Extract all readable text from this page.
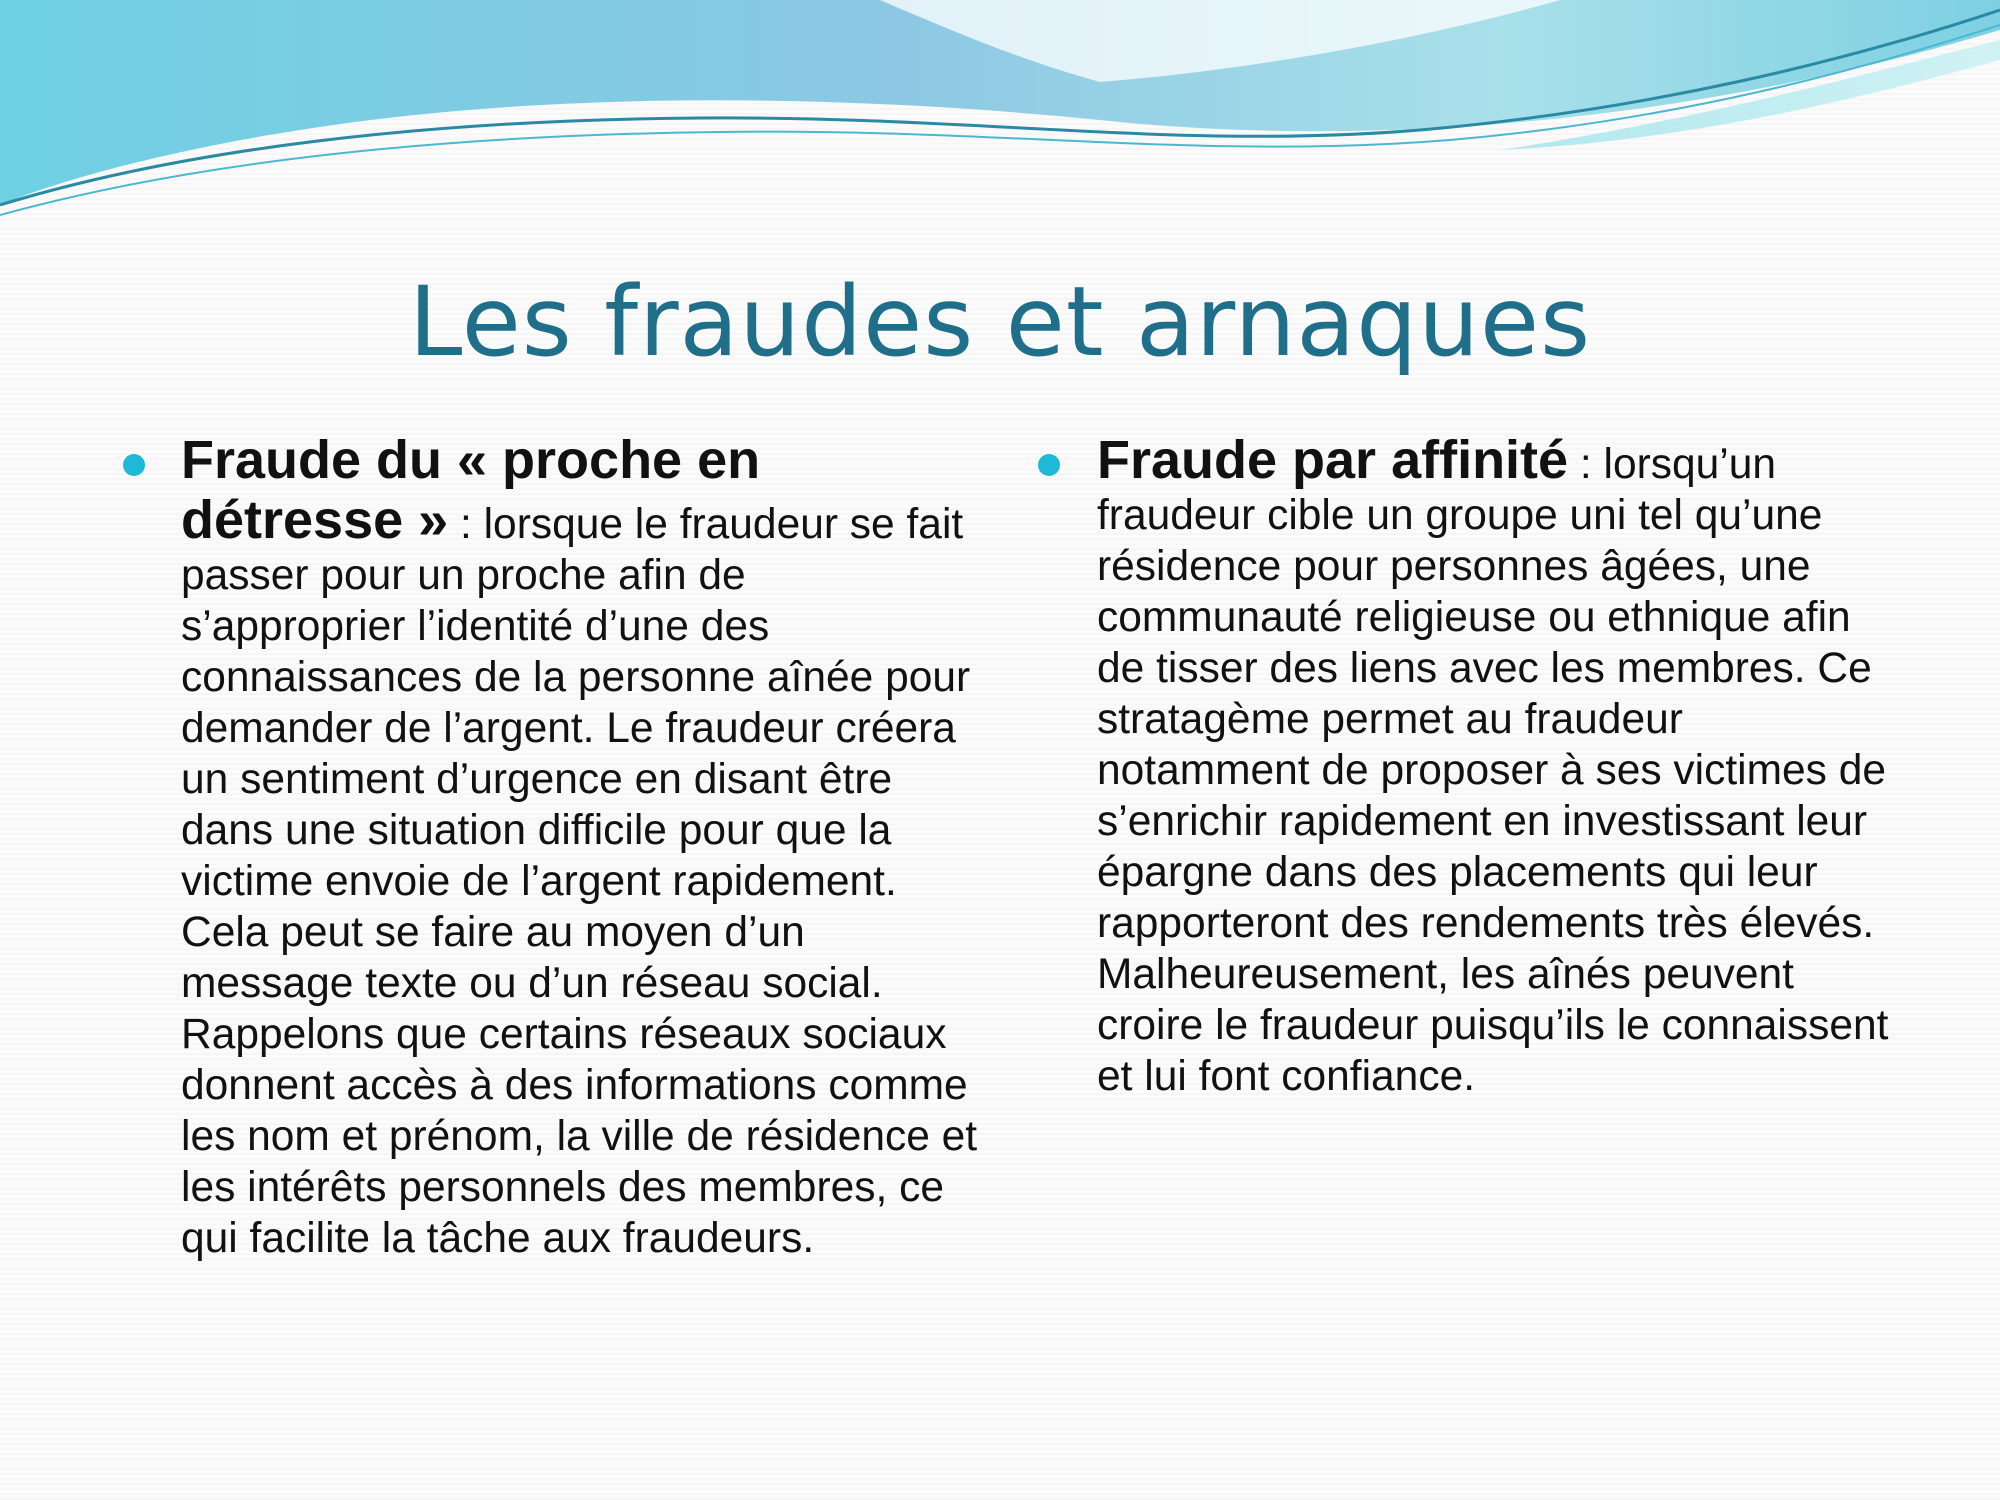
Les fraudes et arnaques

Fraude du « proche en détresse » : lorsque le fraudeur se fait passer pour un proche afin de s’approprier l’identité d’une des connaissances de la personne aînée pour demander de l’argent. Le fraudeur créera un sentiment d’urgence en disant être dans une situation difficile pour que la victime envoie de l’argent rapidement. Cela peut se faire au moyen d’un message texte ou d’un réseau social. Rappelons que certains réseaux sociaux donnent accès à des informations comme les nom et prénom, la ville de résidence et les intérêts personnels des membres, ce qui facilite la tâche aux fraudeurs.

Fraude par affinité : lorsqu’un fraudeur cible un groupe uni tel qu’une résidence pour personnes âgées, une communauté religieuse ou ethnique afin de tisser des liens avec les membres. Ce stratagème permet au fraudeur notamment de proposer à ses victimes de s’enrichir rapidement en investissant leur épargne dans des placements qui leur rapporteront des rendements très élevés. Malheureusement, les aînés peuvent croire le fraudeur puisqu’ils le connaissent et lui font confiance.
